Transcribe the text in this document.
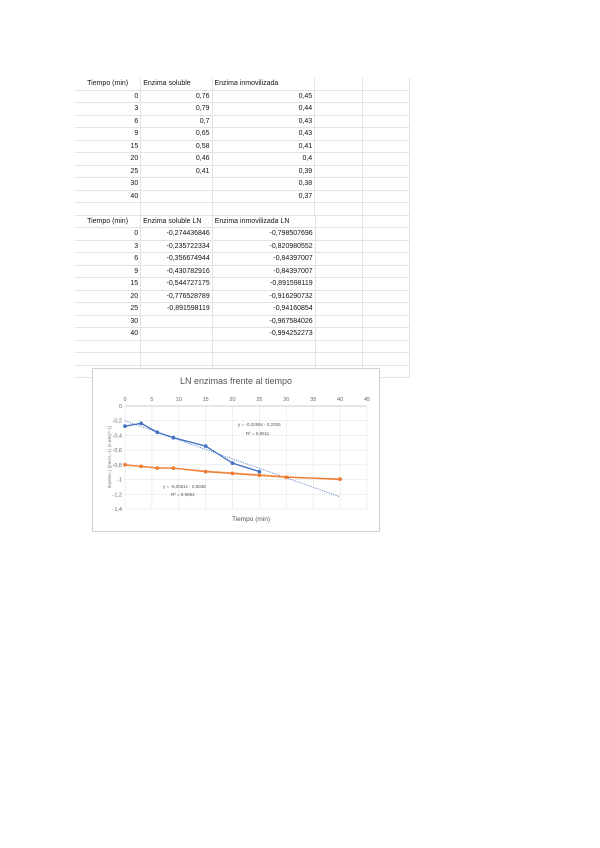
Tiempo (min)	Enzima soluble	Enzima inmovilizada		
0	0,76	0,45		
3	0,79	0,44		
6	0,7	0,43		
9	0,65	0,43		
15	0,58	0,41		
20	0,46	0,4		
25	0,41	0,39		
30		0,38		
40		0,37		

Tiempo (min)	Enzima soluble LN	Enzima inmovilizada LN		
0	-0,274436846	-0,798507696		
3	-0,235722334	-0,820980552		
6	-0,356674944	-0,84397007		
9	-0,430782916	-0,84397007		
15	-0,544727175	-0,891598119		
20	-0,776528789	-0,916290732		
25	-0,891598119	-0,94160854		
30		-0,967584026		
40		-0,994252273		

LN enzimas frente al tiempo
Tiempo (min)
ln(veloc.) [(mol·L-1)·(s·min)^-1]
0	5	10	15	20	25	30	35	40	45
0
-0,2
-0,4
-0,6
-0,8
-1
-1,2
-1,4
y = -0,0258x - 0,2025
R² = 0,9611
y = -0,0051x - 0,8038
R² = 0,9954
